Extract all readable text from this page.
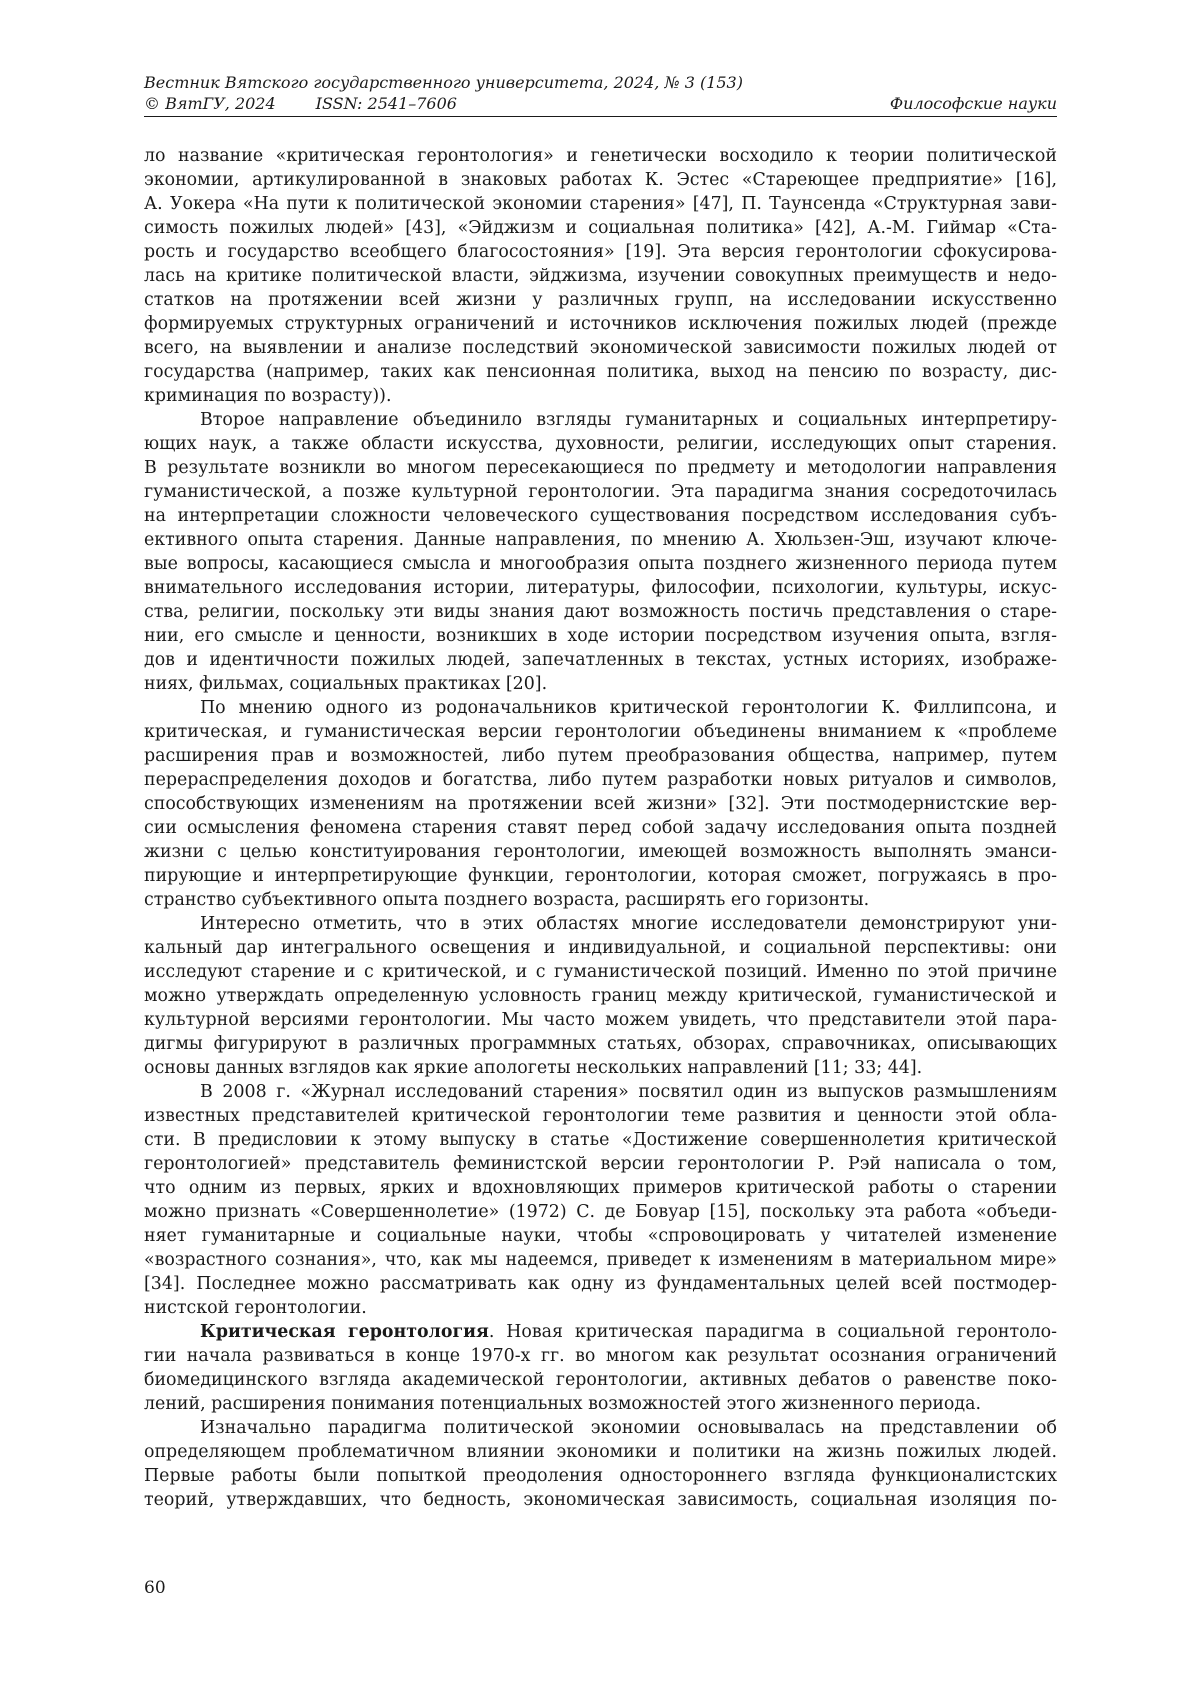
Вестник Вятского государственного университета, 2024, № 3 (153)
© ВятГУ, 2024	ISSN: 2541–7606	Философские науки
ло название «критическая геронтология» и генетически восходило к теории политической
экономии, артикулированной в знаковых работах К. Эстес «Стареющее предприятие» [16],
А. Уокера «На пути к политической экономии старения» [47], П. Таунсенда «Структурная зави-
симость пожилых людей» [43], «Эйджизм и социальная политика» [42], А.-М. Гиймар «Ста-
рость и государство всеобщего благосостояния» [19]. Эта версия геронтологии сфокусирова-
лась на критике политической власти, эйджизма, изучении совокупных преимуществ и недо-
статков на протяжении всей жизни у различных групп, на исследовании искусственно
формируемых структурных ограничений и источников исключения пожилых людей (прежде
всего, на выявлении и анализе последствий экономической зависимости пожилых людей от
государства (например, таких как пенсионная политика, выход на пенсию по возрасту, дис-
криминация по возрасту)).
Второе направление объединило взгляды гуманитарных и социальных интерпретиру-
ющих наук, а также области искусства, духовности, религии, исследующих опыт старения.
В результате возникли во многом пересекающиеся по предмету и методологии направления
гуманистической, а позже культурной геронтологии. Эта парадигма знания сосредоточилась
на интерпретации сложности человеческого существования посредством исследования субъ-
ективного опыта старения. Данные направления, по мнению А. Хюльзен-Эш, изучают ключе-
вые вопросы, касающиеся смысла и многообразия опыта позднего жизненного периода путем
внимательного исследования истории, литературы, философии, психологии, культуры, искус-
ства, религии, поскольку эти виды знания дают возможность постичь представления о старе-
нии, его смысле и ценности, возникших в ходе истории посредством изучения опыта, взгля-
дов и идентичности пожилых людей, запечатленных в текстах, устных историях, изображе-
ниях, фильмах, социальных практиках [20].
По мнению одного из родоначальников критической геронтологии К. Филлипсона, и
критическая, и гуманистическая версии геронтологии объединены вниманием к «проблеме
расширения прав и возможностей, либо путем преобразования общества, например, путем
перераспределения доходов и богатства, либо путем разработки новых ритуалов и символов,
способствующих изменениям на протяжении всей жизни» [32]. Эти постмодернистские вер-
сии осмысления феномена старения ставят перед собой задачу исследования опыта поздней
жизни с целью конституирования геронтологии, имеющей возможность выполнять эманси-
пирующие и интерпретирующие функции, геронтологии, которая сможет, погружаясь в про-
странство субъективного опыта позднего возраста, расширять его горизонты.
Интересно отметить, что в этих областях многие исследователи демонстрируют уни-
кальный дар интегрального освещения и индивидуальной, и социальной перспективы: они
исследуют старение и с критической, и с гуманистической позиций. Именно по этой причине
можно утверждать определенную условность границ между критической, гуманистической и
культурной версиями геронтологии. Мы часто можем увидеть, что представители этой пара-
дигмы фигурируют в различных программных статьях, обзорах, справочниках, описывающих
основы данных взглядов как яркие апологеты нескольких направлений [11; 33; 44].
В 2008 г. «Журнал исследований старения» посвятил один из выпусков размышлениям
известных представителей критической геронтологии теме развития и ценности этой обла-
сти. В предисловии к этому выпуску в статье «Достижение совершеннолетия критической
геронтологией» представитель феминистской версии геронтологии Р. Рэй написала о том,
что одним из первых, ярких и вдохновляющих примеров критической работы о старении
можно признать «Совершеннолетие» (1972) С. де Бовуар [15], поскольку эта работа «объеди-
няет гуманитарные и социальные науки, чтобы «спровоцировать у читателей изменение
«возрастного сознания», что, как мы надеемся, приведет к изменениям в материальном мире»
[34]. Последнее можно рассматривать как одну из фундаментальных целей всей постмодер-
нистской геронтологии.
Критическая геронтология. Новая критическая парадигма в социальной геронтоло-
гии начала развиваться в конце 1970-х гг. во многом как результат осознания ограничений
биомедицинского взгляда академической геронтологии, активных дебатов о равенстве поко-
лений, расширения понимания потенциальных возможностей этого жизненного периода.
Изначально парадигма политической экономии основывалась на представлении об
определяющем проблематичном влиянии экономики и политики на жизнь пожилых людей.
Первые работы были попыткой преодоления одностороннего взгляда функционалистских
теорий, утверждавших, что бедность, экономическая зависимость, социальная изоляция по-
60
